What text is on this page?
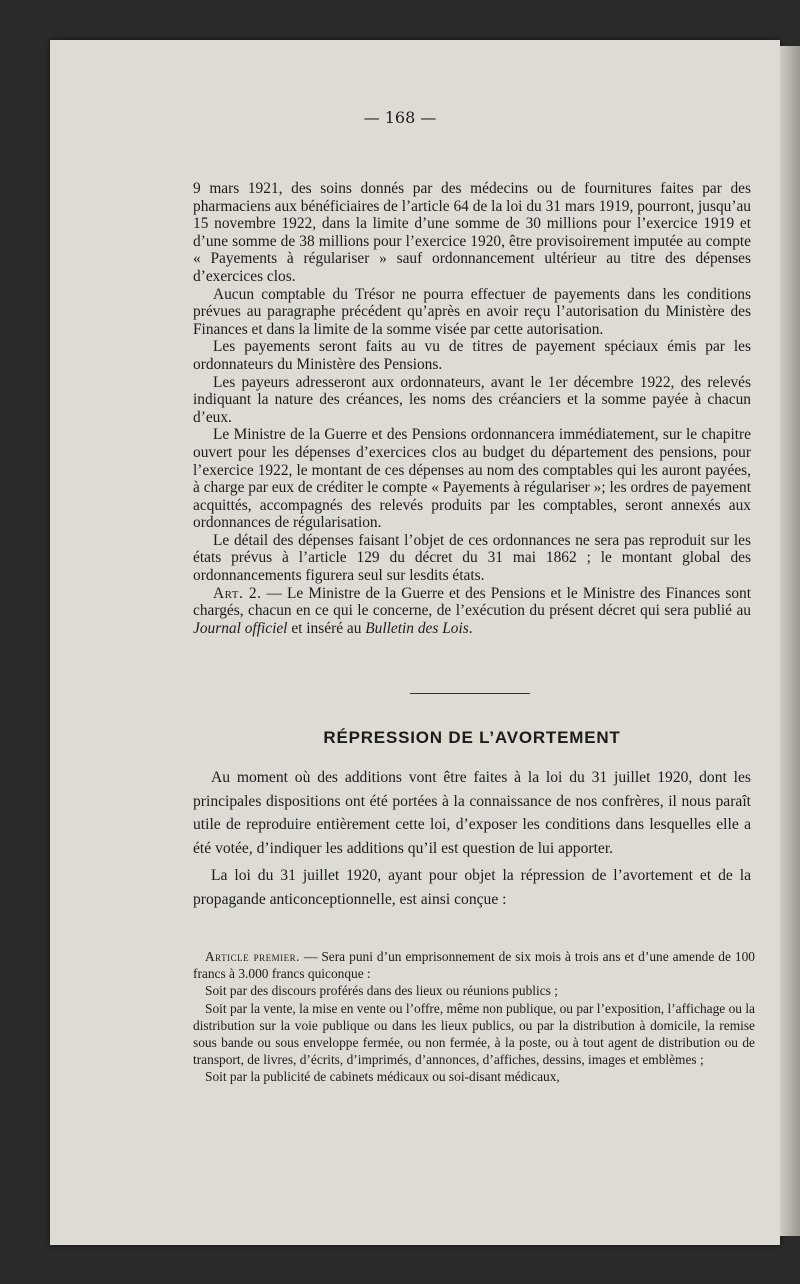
— 168 —

9 mars 1921, des soins donnés par des médecins ou de fournitures faites par des pharmaciens aux bénéficiaires de l’article 64 de la loi du 31 mars 1919, pourront, jusqu’au 15 novembre 1922, dans la limite d’une somme de 30 millions pour l’exercice 1919 et d’une somme de 38 millions pour l’exercice 1920, être provisoirement imputée au compte « Payements à régulariser » sauf ordonnancement ultérieur au titre des dépenses d’exercices clos.

Aucun comptable du Trésor ne pourra effectuer de payements dans les conditions prévues au paragraphe précédent qu’après en avoir reçu l’autorisation du Ministère des Finances et dans la limite de la somme visée par cette autorisation.

Les payements seront faits au vu de titres de payement spéciaux émis par les ordonnateurs du Ministère des Pensions.

Les payeurs adresseront aux ordonnateurs, avant le 1er décembre 1922, des relevés indiquant la nature des créances, les noms des créanciers et la somme payée à chacun d’eux.

Le Ministre de la Guerre et des Pensions ordonnancera immédiatement, sur le chapitre ouvert pour les dépenses d’exercices clos au budget du département des pensions, pour l’exercice 1922, le montant de ces dépenses au nom des comptables qui les auront payées, à charge par eux de créditer le compte « Payements à régulariser »; les ordres de payement acquittés, accompagnés des relevés produits par les comptables, seront annexés aux ordonnances de régularisation.

Le détail des dépenses faisant l’objet de ces ordonnances ne sera pas reproduit sur les états prévus à l’article 129 du décret du 31 mai 1862 ; le montant global des ordonnancements figurera seul sur lesdits états.

Art. 2. — Le Ministre de la Guerre et des Pensions et le Ministre des Finances sont chargés, chacun en ce qui le concerne, de l’exécution du présent décret qui sera publié au Journal officiel et inséré au Bulletin des Lois.

RÉPRESSION DE L’AVORTEMENT

Au moment où des additions vont être faites à la loi du 31 juillet 1920, dont les principales dispositions ont été portées à la connaissance de nos confrères, il nous paraît utile de reproduire entièrement cette loi, d’exposer les conditions dans lesquelles elle a été votée, d’indiquer les additions qu’il est question de lui apporter.

La loi du 31 juillet 1920, ayant pour objet la répression de l’avortement et de la propagande anticonceptionnelle, est ainsi conçue :

Article premier. — Sera puni d’un emprisonnement de six mois à trois ans et d’une amende de 100 francs à 3.000 francs quiconque :

Soit par des discours proférés dans des lieux ou réunions publics ;

Soit par la vente, la mise en vente ou l’offre, même non publique, ou par l’exposition, l’affichage ou la distribution sur la voie publique ou dans les lieux publics, ou par la distribution à domicile, la remise sous bande ou sous enveloppe fermée, ou non fermée, à la poste, ou à tout agent de distribution ou de transport, de livres, d’écrits, d’imprimés, d’annonces, d’affiches, dessins, images et emblèmes ;

Soit par la publicité de cabinets médicaux ou soi-disant médicaux,
